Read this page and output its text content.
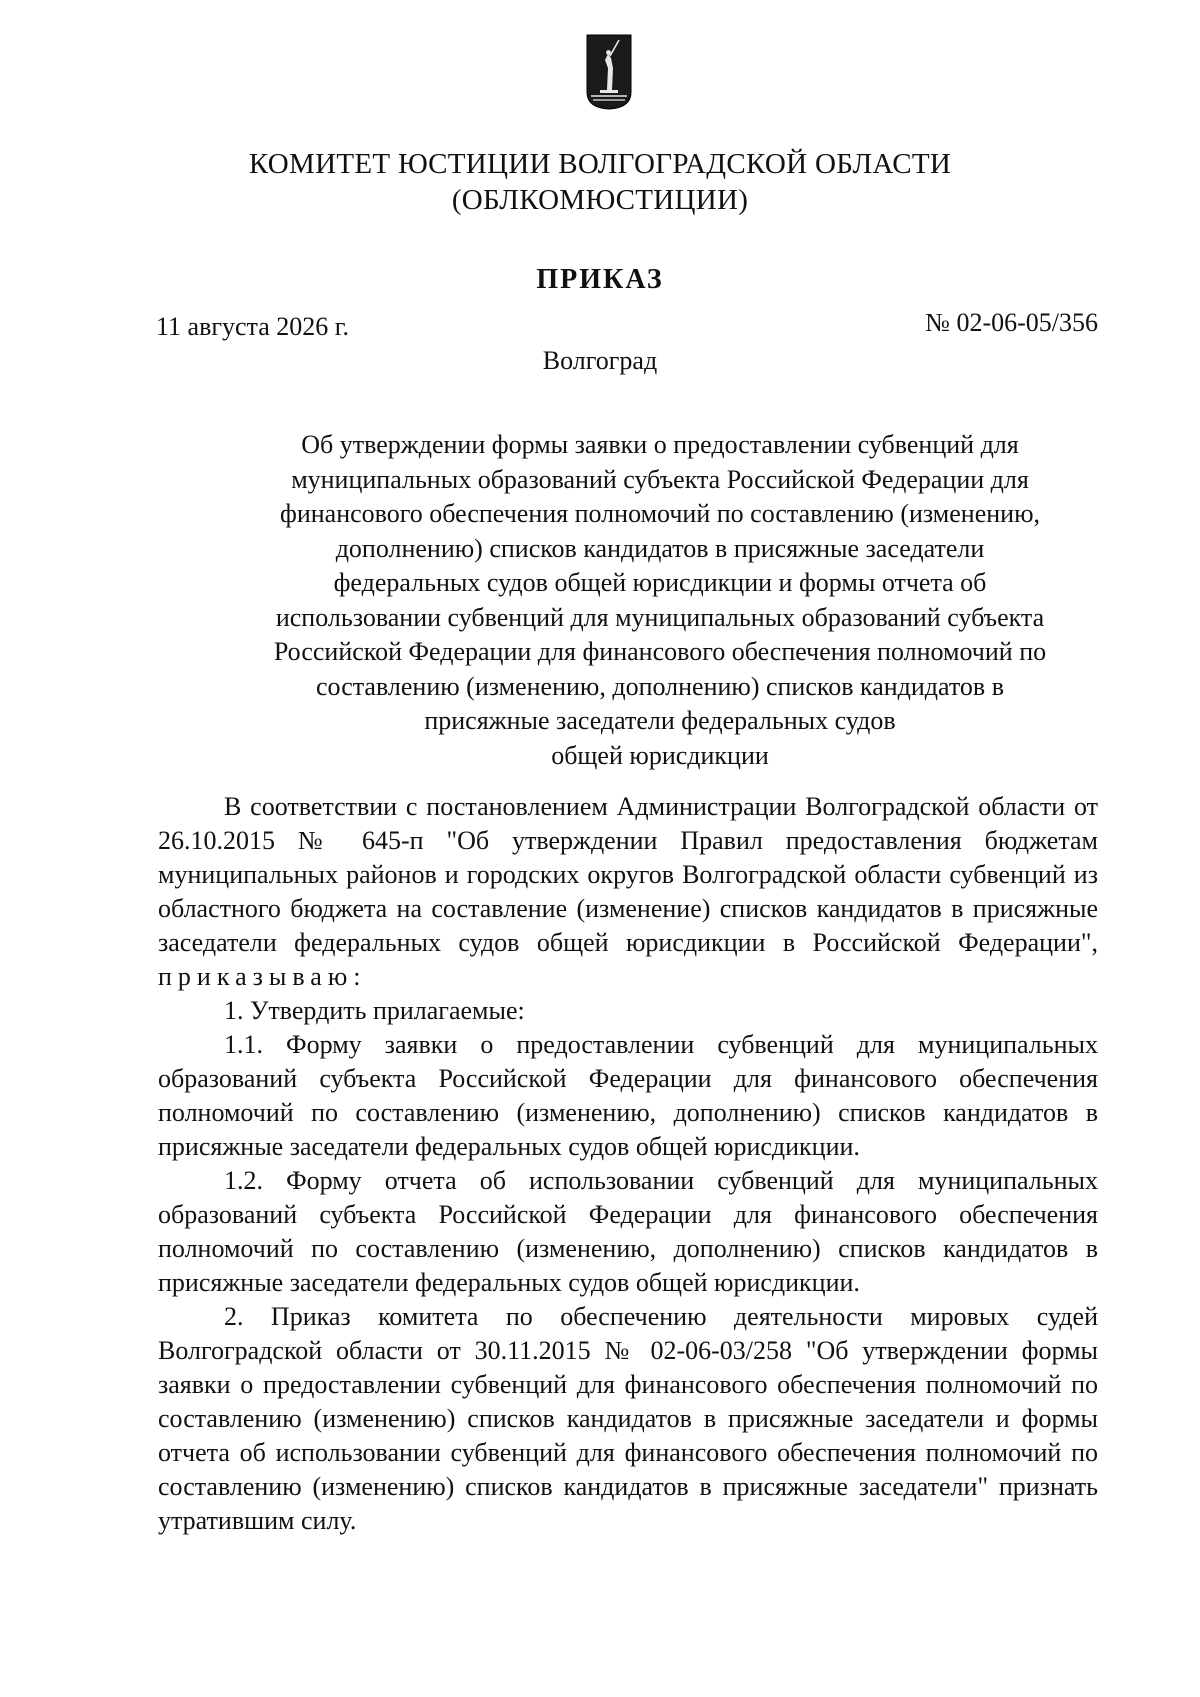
КОМИТЕТ ЮСТИЦИИ ВОЛГОГРАДСКОЙ ОБЛАСТИ
(ОБЛКОМЮСТИЦИИ)
ПРИКАЗ
11 августа 2026 г.	№ 02-06-05/356
Волгоград
Об утверждении формы заявки о предоставлении субвенций для
муниципальных образований субъекта Российской Федерации для
финансового обеспечения полномочий по составлению (изменению,
дополнению) списков кандидатов в присяжные заседатели
федеральных судов общей юрисдикции и формы отчета об
использовании субвенций для муниципальных образований субъекта
Российской Федерации для финансового обеспечения полномочий по
составлению (изменению, дополнению) списков кандидатов в
присяжные заседатели федеральных судов
общей юрисдикции

В соответствии с постановлением Администрации Волгоградской области от 26.10.2015 № 645-п "Об утверждении Правил предоставления бюджетам муниципальных районов и городских округов Волгоградской области субвенций из областного бюджета на составление (изменение) списков кандидатов в присяжные заседатели федеральных судов общей юрисдикции в Российской Федерации", приказываю:

1. Утвердить прилагаемые:

1.1. Форму заявки о предоставлении субвенций для муниципальных образований субъекта Российской Федерации для финансового обеспечения полномочий по составлению (изменению, дополнению) списков кандидатов в присяжные заседатели федеральных судов общей юрисдикции.

1.2. Форму отчета об использовании субвенций для муниципальных образований субъекта Российской Федерации для финансового обеспечения полномочий по составлению (изменению, дополнению) списков кандидатов в присяжные заседатели федеральных судов общей юрисдикции.

2. Приказ комитета по обеспечению деятельности мировых судей Волгоградской области от 30.11.2015 № 02-06-03/258 "Об утверждении формы заявки о предоставлении субвенций для финансового обеспечения полномочий по составлению (изменению) списков кандидатов в присяжные заседатели и формы отчета об использовании субвенций для финансового обеспечения полномочий по составлению (изменению) списков кандидатов в присяжные заседатели" признать утратившим силу.
